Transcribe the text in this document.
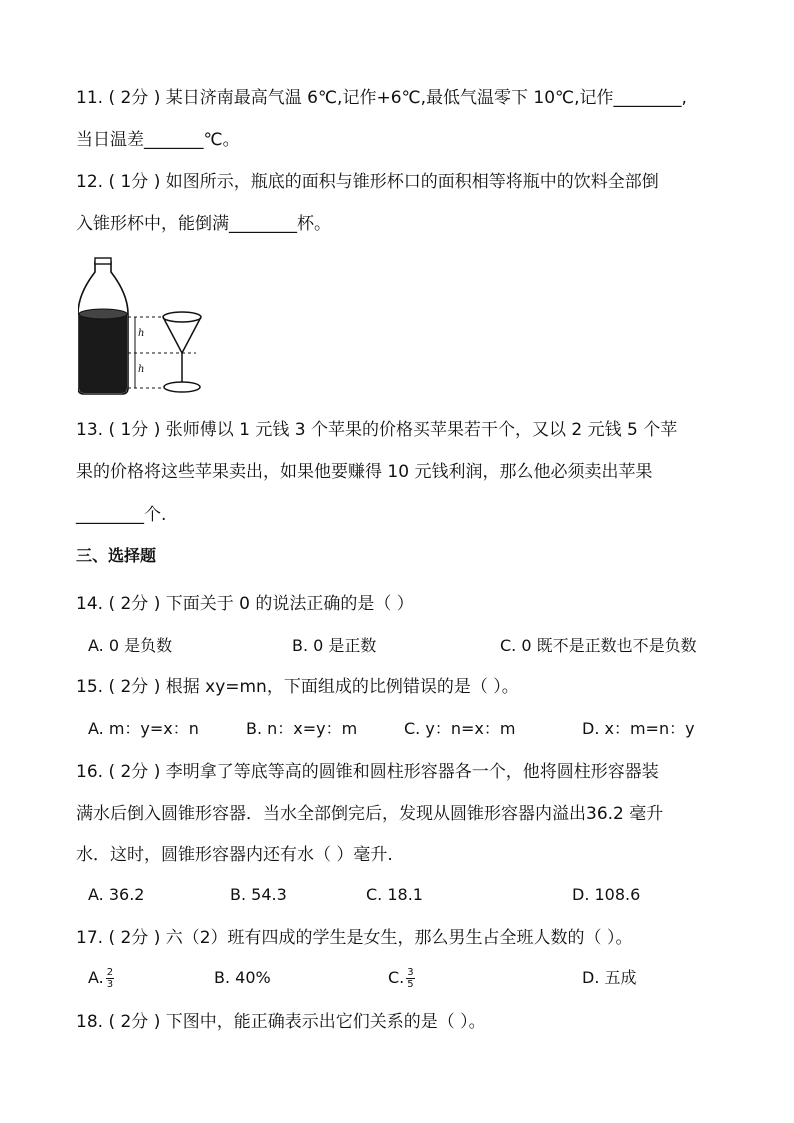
11. ( 2分 ) 某日济南最高气温 6℃,记作+6℃,最低气温零下 10℃,记作________,
当日温差_______℃。
12. ( 1分 ) 如图所示，瓶底的面积与锥形杯口的面积相等将瓶中的饮料全部倒
入锥形杯中，能倒满________杯。
h
h
13. ( 1分 ) 张师傅以 1 元钱 3 个苹果的价格买苹果若干个，又以 2 元钱 5 个苹
果的价格将这些苹果卖出，如果他要赚得 10 元钱利润，那么他必须卖出苹果
________个.
三、选择题
14. ( 2分 ) 下面关于 0 的说法正确的是（ ）
A. 0 是负数	B. 0 是正数	C. 0 既不是正数也不是负数
15. ( 2分 ) 根据 xy=mn，下面组成的比例错误的是（ ）。
A. m：y=x：n	B. n：x=y：m	C. y：n=x：m	D. x：m=n：y
16. ( 2分 ) 李明拿了等底等高的圆锥和圆柱形容器各一个，他将圆柱形容器装
满水后倒入圆锥形容器．当水全部倒完后，发现从圆锥形容器内溢出36.2 毫升
水．这时，圆锥形容器内还有水（ ）毫升.
A. 36.2	B. 54.3	C. 18.1	D. 108.6
17. ( 2分 ) 六（2）班有四成的学生是女生，那么男生占全班人数的（ ）。
A. $\frac{2}{3}$	B. 40%	C. $\frac{3}{5}$	D. 五成
18. ( 2分 ) 下图中，能正确表示出它们关系的是（ ）。
